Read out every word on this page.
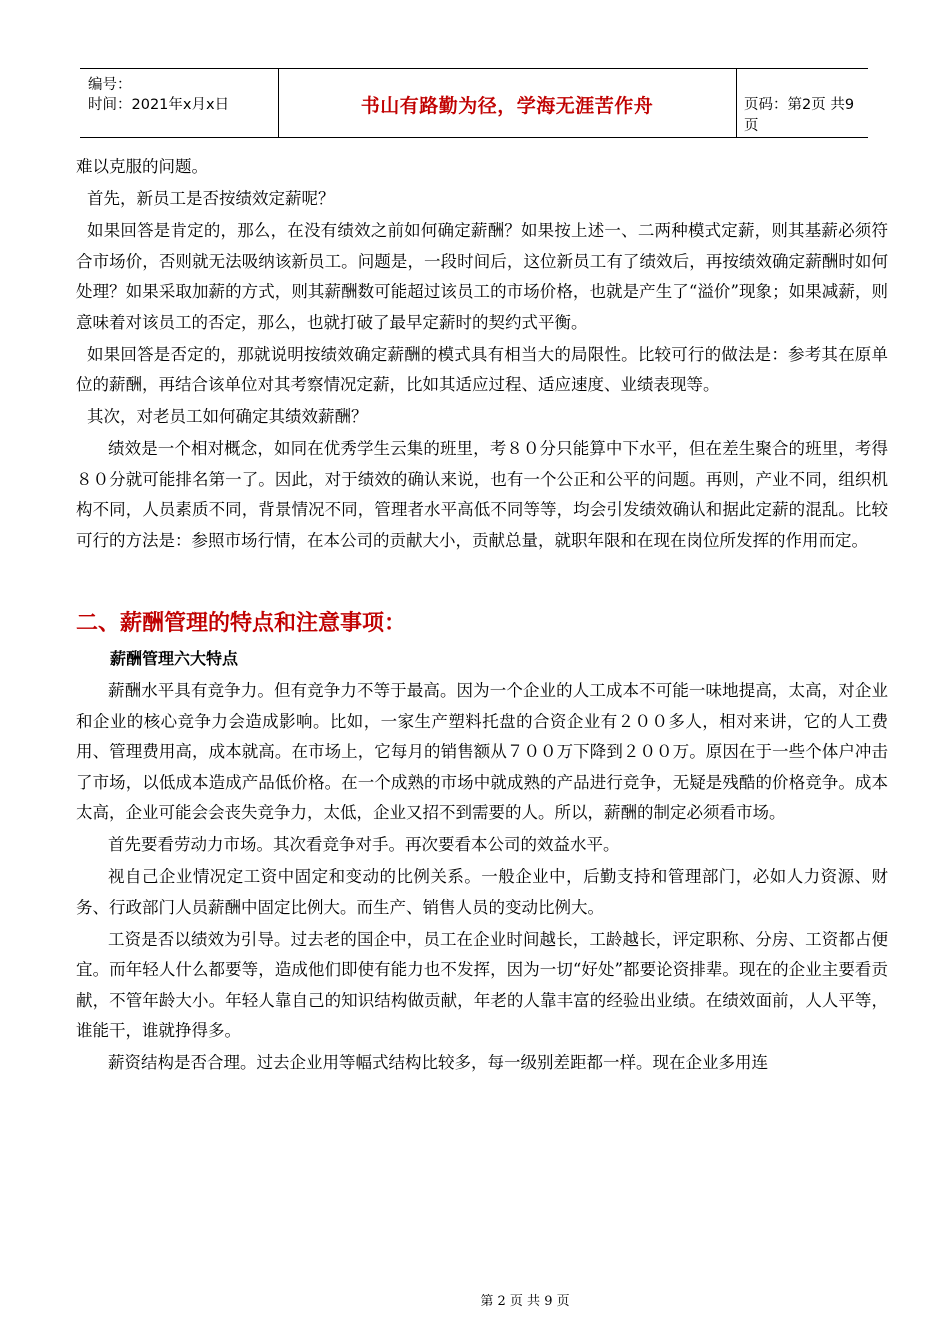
编号：
时间：2021年x月x日	书山有路勤为径，学海无涯苦作舟	页码：第2页 共9页

难以克服的问题。

首先，新员工是否按绩效定薪呢？

如果回答是肯定的，那么，在没有绩效之前如何确定薪酬？如果按上述一、二两种模式定薪，则其基薪必须符合市场价，否则就无法吸纳该新员工。问题是，一段时间后，这位新员工有了绩效后，再按绩效确定薪酬时如何处理？如果采取加薪的方式，则其薪酬数可能超过该员工的市场价格，也就是产生了“溢价”现象；如果减薪，则意味着对该员工的否定，那么，也就打破了最早定薪时的契约式平衡。

如果回答是否定的，那就说明按绩效确定薪酬的模式具有相当大的局限性。比较可行的做法是：参考其在原单位的薪酬，再结合该单位对其考察情况定薪，比如其适应过程、适应速度、业绩表现等。

其次，对老员工如何确定其绩效薪酬？

绩效是一个相对概念，如同在优秀学生云集的班里，考８０分只能算中下水平，但在差生聚合的班里，考得８０分就可能排名第一了。因此，对于绩效的确认来说，也有一个公正和公平的问题。再则，产业不同，组织机构不同，人员素质不同，背景情况不同，管理者水平高低不同等等，均会引发绩效确认和据此定薪的混乱。比较可行的方法是：参照市场行情，在本公司的贡献大小，贡献总量，就职年限和在现在岗位所发挥的作用而定。

二、薪酬管理的特点和注意事项：
薪酬管理六大特点

薪酬水平具有竞争力。但有竞争力不等于最高。因为一个企业的人工成本不可能一味地提高，太高，对企业和企业的核心竞争力会造成影响。比如，一家生产塑料托盘的合资企业有２００多人，相对来讲，它的人工费用、管理费用高，成本就高。在市场上，它每月的销售额从７００万下降到２００万。原因在于一些个体户冲击了市场，以低成本造成产品低价格。在一个成熟的市场中就成熟的产品进行竞争，无疑是残酷的价格竞争。成本太高，企业可能会会丧失竞争力，太低，企业又招不到需要的人。所以，薪酬的制定必须看市场。

首先要看劳动力市场。其次看竞争对手。再次要看本公司的效益水平。

视自己企业情况定工资中固定和变动的比例关系。一般企业中，后勤支持和管理部门，必如人力资源、财务、行政部门人员薪酬中固定比例大。而生产、销售人员的变动比例大。

工资是否以绩效为引导。过去老的国企中，员工在企业时间越长，工龄越长，评定职称、分房、工资都占便宜。而年轻人什么都要等，造成他们即使有能力也不发挥，因为一切“好处”都要论资排辈。现在的企业主要看贡献，不管年龄大小。年轻人靠自己的知识结构做贡献，年老的人靠丰富的经验出业绩。在绩效面前，人人平等，谁能干，谁就挣得多。

薪资结构是否合理。过去企业用等幅式结构比较多，每一级别差距都一样。现在企业多用连

第 2 页 共 9 页
